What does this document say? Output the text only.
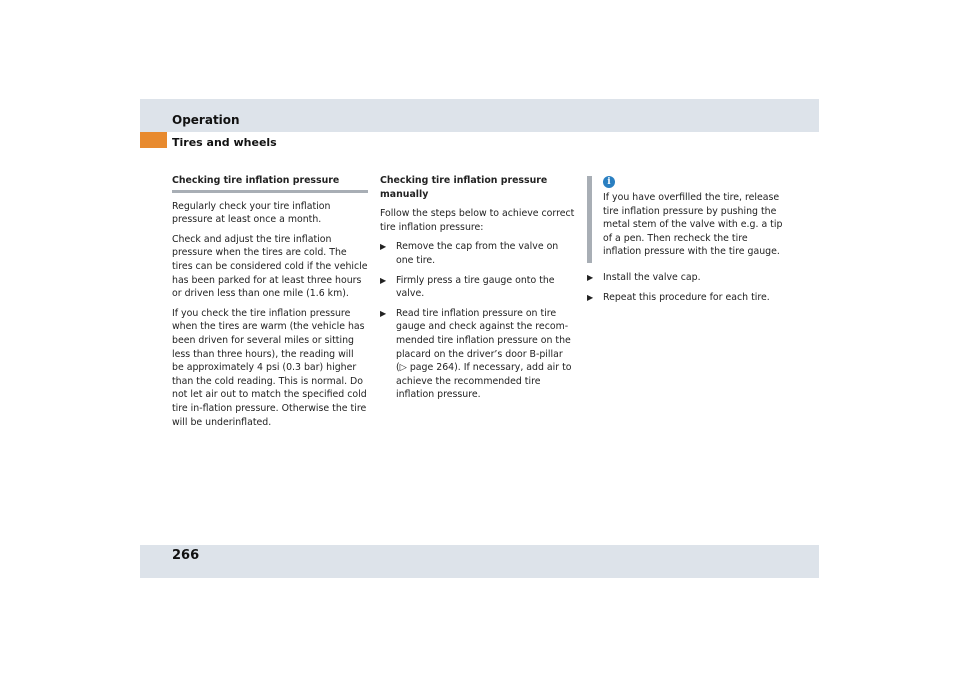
Operation
Tires and wheels

Checking tire inflation pressure

Regularly check your tire inflation pressure at least once a month.

Check and adjust the tire inflation pressure when the tires are cold. The tires can be considered cold if the vehicle has been parked for at least three hours or driven less than one mile (1.6 km).

If you check the tire inflation pressure when the tires are warm (the vehicle has been driven for several miles or sitting less than three hours), the reading will be approximately 4 psi (0.3 bar) higher than the cold reading. This is normal. Do not let air out to match the specified cold tire in-flation pressure. Otherwise the tire will be underinflated.

Checking tire inflation pressure manually

Follow the steps below to achieve correct tire inflation pressure:

▶ Remove the cap from the valve on one tire.
▶ Firmly press a tire gauge onto the valve.
▶ Read tire inflation pressure on tire gauge and check against the recom-mended tire inflation pressure on the placard on the driver’s door B-pillar (▷ page 264). If necessary, add air to achieve the recommended tire inflation pressure.
i
If you have overfilled the tire, release tire inflation pressure by pushing the metal stem of the valve with e.g. a tip of a pen. Then recheck the tire inflation pressure with the tire gauge.
▶ Install the valve cap.
▶ Repeat this procedure for each tire.
266
